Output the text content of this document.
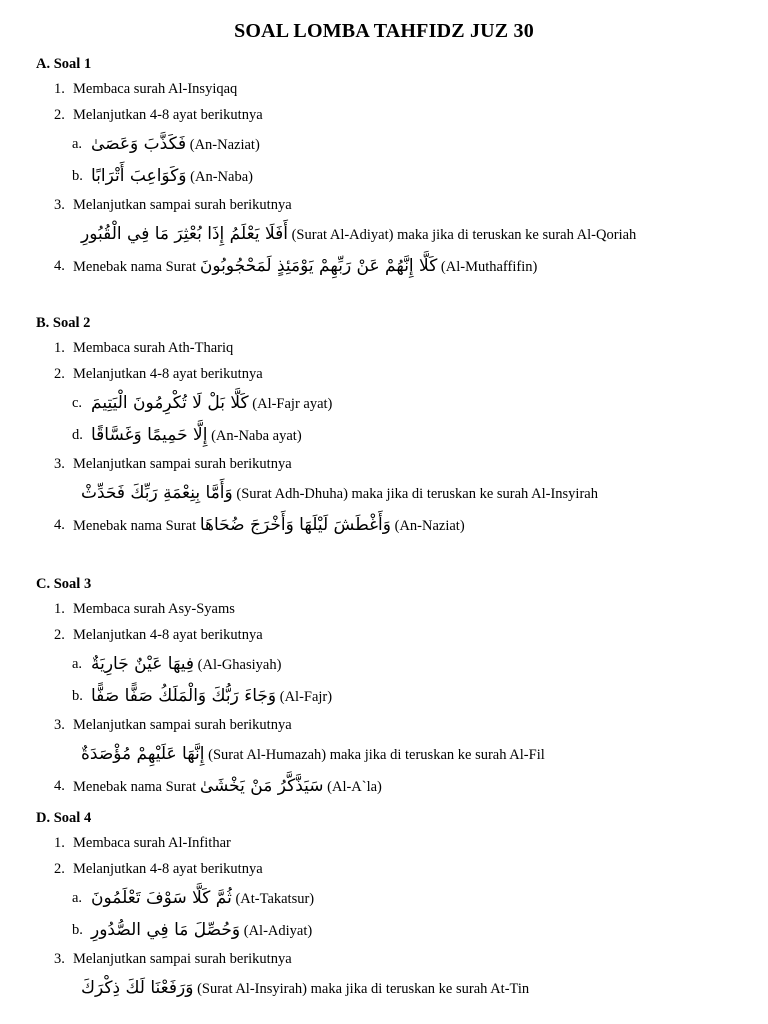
SOAL LOMBA TAHFIDZ JUZ 30
A. Soal 1
1. Membaca surah Al-Insyiqaq
2. Melanjutkan 4-8 ayat berikutnya
a. فَكَذَّبَ وَعَصَىٰ (An-Naziat)
b. وَكَوَاعِبَ أَتْرَابًا (An-Naba)
3. Melanjutkan sampai surah berikutnya
أَفَلَا يَعْلَمُ إِذَا بُعْثِرَ مَا فِي الْقُبُورِ (Surat Al-Adiyat) maka jika di teruskan ke surah Al-Qoriah
4. Menebak nama Surat كَلَّا إِنَّهُمْ عَنْ رَبِّهِمْ يَوْمَئِذٍ لَمَحْجُوبُونَ (Al-Muthaffifin)
B. Soal 2
1. Membaca surah Ath-Thariq
2. Melanjutkan 4-8 ayat berikutnya
c. كَلَّا بَلْ لَا تُكْرِمُونَ الْيَتِيمَ (Al-Fajr ayat)
d. إِلَّا حَمِيمًا وَغَسَّاقًا (An-Naba ayat)
3. Melanjutkan sampai surah berikutnya
وَأَمَّا بِنِعْمَةِ رَبِّكَ فَحَدِّثْ (Surat Adh-Dhuha) maka jika di teruskan ke surah Al-Insyirah
4. Menebak nama Surat وَأَغْطَشَ لَيْلَهَا وَأَخْرَجَ ضُحَاهَا (An-Naziat)
C. Soal 3
1. Membaca surah Asy-Syams
2. Melanjutkan 4-8 ayat berikutnya
a. فِيهَا عَيْنٌ جَارِيَةٌ (Al-Ghasiyah)
b. وَجَاءَ رَبُّكَ وَالْمَلَكُ صَفًّا صَفًّا (Al-Fajr)
3. Melanjutkan sampai surah berikutnya
إِنَّهَا عَلَيْهِمْ مُؤْصَدَةٌ (Surat Al-Humazah) maka jika di teruskan ke surah Al-Fil
4. Menebak nama Surat سَيَذَّكَّرُ مَنْ يَخْشَىٰ (Al-A`la)
D. Soal 4
1. Membaca surah Al-Infithar
2. Melanjutkan 4-8 ayat berikutnya
a. ثُمَّ كَلَّا سَوْفَ تَعْلَمُونَ (At-Takatsur)
b. وَحُصِّلَ مَا فِي الصُّدُورِ (Al-Adiyat)
3. Melanjutkan sampai surah berikutnya
وَرَفَعْنَا لَكَ ذِكْرَكَ (Surat Al-Insyirah) maka jika di teruskan ke surah At-Tin
